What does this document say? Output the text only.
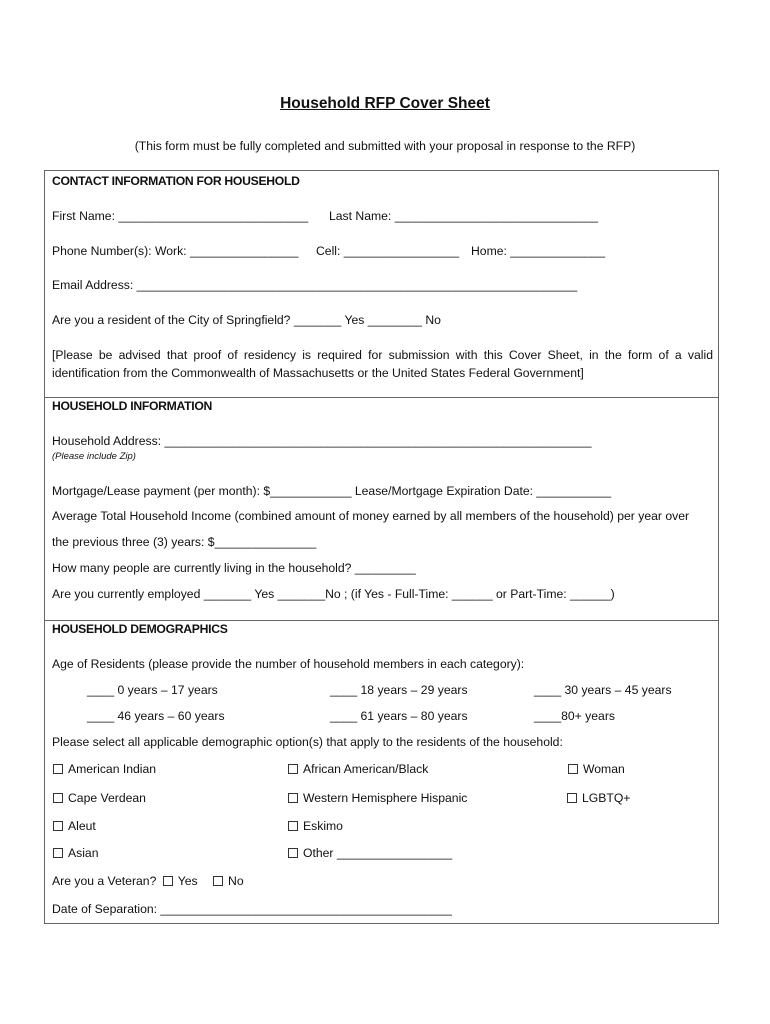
Household RFP Cover Sheet
(This form must be fully completed and submitted with your proposal in response to the RFP)
CONTACT INFORMATION FOR HOUSEHOLD
First Name: ____________________________ Last Name: ______________________________
Phone Number(s): Work: ________________ Cell: _________________ Home: ______________
Email Address: _________________________________________________________________
Are you a resident of the City of Springfield? _______ Yes ________ No
[Please be advised that proof of residency is required for submission with this Cover Sheet, in the form of a valid identification from the Commonwealth of Massachusetts or the United States Federal Government]
HOUSEHOLD INFORMATION
Household Address: _______________________________________________________________
(Please include Zip)
Mortgage/Lease payment (per month): $____________ Lease/Mortgage Expiration Date: ___________
Average Total Household Income (combined amount of money earned by all members of the household) per year over
the previous three (3) years: $_______________
How many people are currently living in the household? _________
Are you currently employed _______ Yes _______No ; (if Yes - Full-Time: ______ or Part-Time: ______)
HOUSEHOLD DEMOGRAPHICS
Age of Residents (please provide the number of household members in each category):
____ 0 years – 17 years	____ 18 years – 29 years	____ 30 years – 45 years
____ 46 years – 60 years	____ 61 years – 80 years	____80+ years
Please select all applicable demographic option(s) that apply to the residents of the household:
American Indian	African American/Black	Woman
Cape Verdean	Western Hemisphere Hispanic	LGBTQ+
Aleut	Eskimo
Asian	Other _________________
Are you a Veteran? Yes No
Date of Separation: ___________________________________________
